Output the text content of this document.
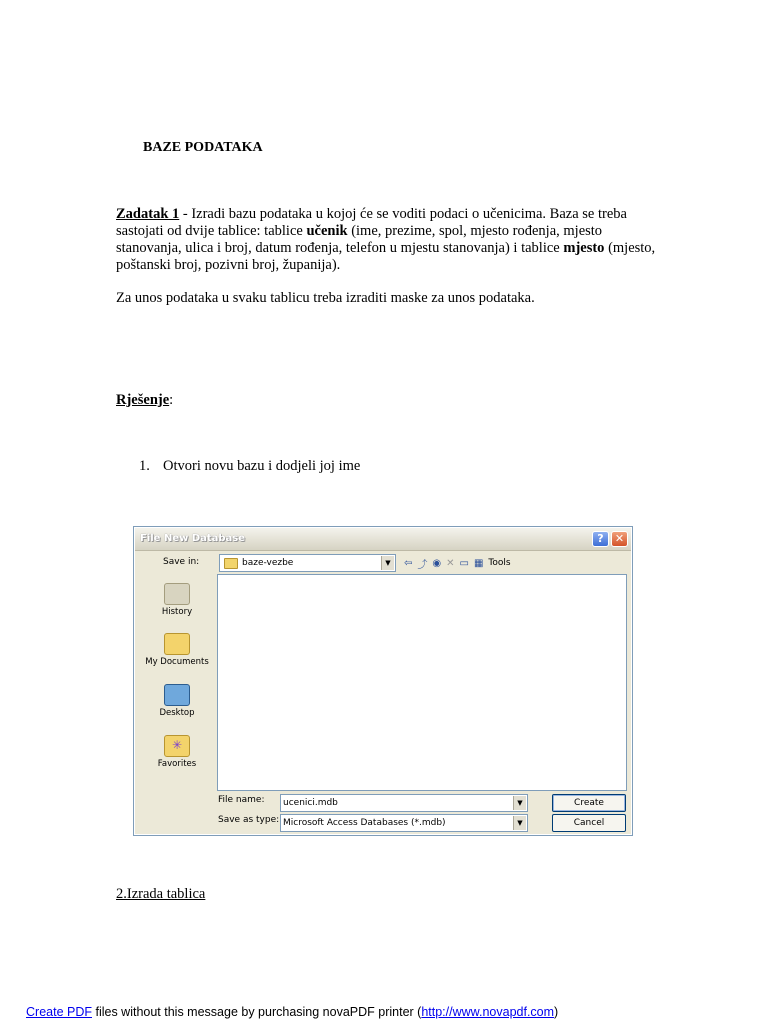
BAZE PODATAKA
Zadatak 1 - Izradi bazu podataka u kojoj će se voditi podaci o učenicima. Baza se treba sastojati od dvije tablice: tablice učenik (ime, prezime, spol, mjesto rođenja, mjesto stanovanja, ulica i broj, datum rođenja, telefon u mjestu stanovanja) i tablice mjesto (mjesto, poštanski broj, pozivni broj, županija).
Za unos podataka u svaku tablicu treba izraditi maske za unos podataka.
Rješenje:
1. Otvori novu bazu i dodjeli joj ime
File New Database	?	✕
Save in:	baze-vezbe	▼	⇦ ⤴ ◉ ✕ ▭ ▦ Tools
History
My Documents
Desktop
✳
Favorites
File name: ucenici.mdb	▼
Save as type: Microsoft Access Databases (*.mdb)	▼
Create
Cancel
2.Izrada tablica
Create PDF files without this message by purchasing novaPDF printer (http://www.novapdf.com)
